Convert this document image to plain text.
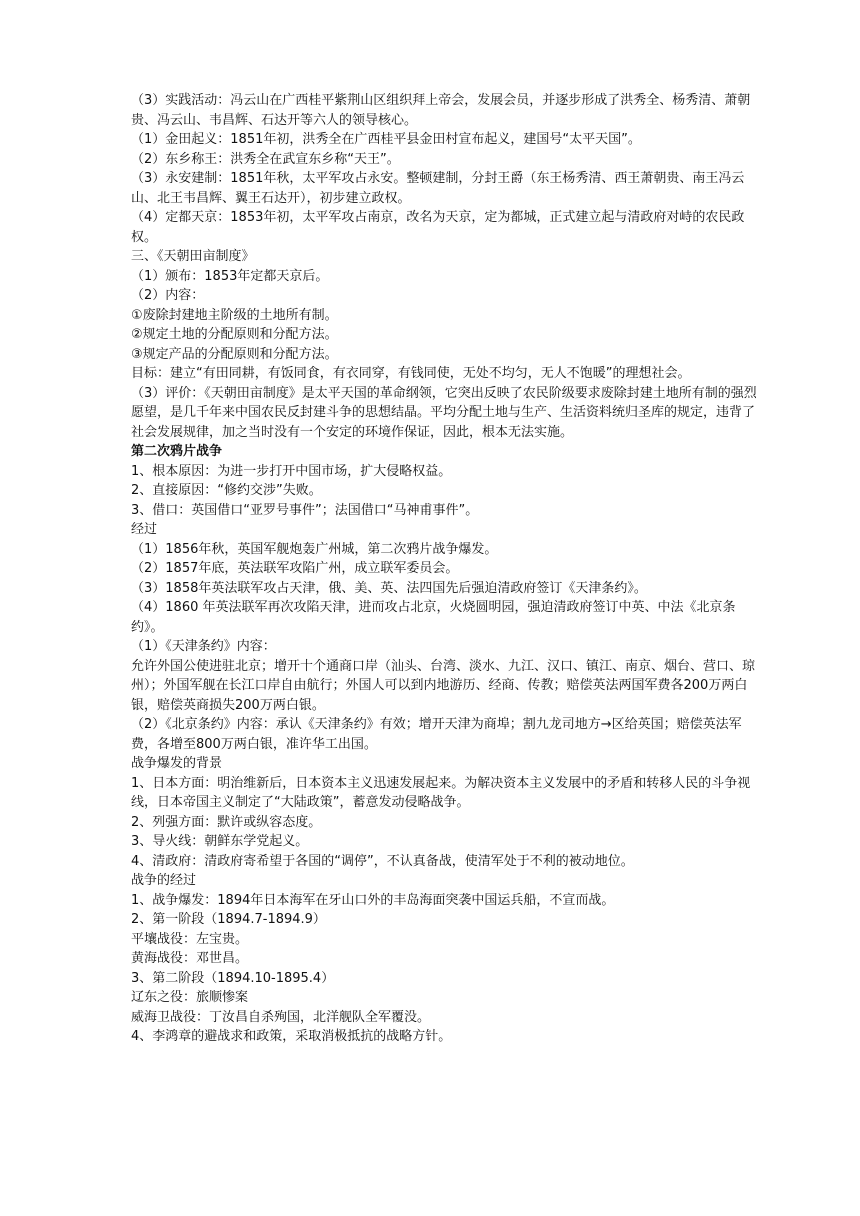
（3）实践活动：冯云山在广西桂平紫荆山区组织拜上帝会，发展会员，并逐步形成了洪秀全、杨秀清、萧朝贵、冯云山、韦昌辉、石达开等六人的领导核心。

（1）金田起义：1851年初，洪秀全在广西桂平县金田村宣布起义，建国号“太平天国”。

（2）东乡称王：洪秀全在武宣东乡称“天王”。

（3）永安建制：1851年秋，太平军攻占永安。整顿建制，分封王爵（东王杨秀清、西王萧朝贵、南王冯云山、北王韦昌辉、翼王石达开），初步建立政权。

（4）定都天京：1853年初，太平军攻占南京，改名为天京，定为都城，正式建立起与清政府对峙的农民政权。

三、《天朝田亩制度》

（1）颁布：1853年定都天京后。

（2）内容：

①废除封建地主阶级的土地所有制。

②规定土地的分配原则和分配方法。

③规定产品的分配原则和分配方法。

目标：建立“有田同耕，有饭同食，有衣同穿，有钱同使，无处不均匀，无人不饱暖”的理想社会。

（3）评价：《天朝田亩制度》是太平天国的革命纲领，它突出反映了农民阶级要求废除封建土地所有制的强烈愿望，是几千年来中国农民反封建斗争的思想结晶。平均分配土地与生产、生活资料统归圣库的规定，违背了社会发展规律，加之当时没有一个安定的环境作保证，因此，根本无法实施。

第二次鸦片战争

1、根本原因：为进一步打开中国市场，扩大侵略权益。

2、直接原因：“修约交涉”失败。

3、借口：英国借口“亚罗号事件”；法国借口“马神甫事件”。

经过

（1）1856年秋，英国军舰炮轰广州城，第二次鸦片战争爆发。

（2）1857年底，英法联军攻陷广州，成立联军委员会。

（3）1858年英法联军攻占天津，俄、美、英、法四国先后强迫清政府签订《天津条约》。

（4）1860 年英法联军再次攻陷天津，进而攻占北京，火烧圆明园，强迫清政府签订中英、中法《北京条约》。

（1）《天津条约》内容：

允许外国公使进驻北京；增开十个通商口岸（汕头、台湾、淡水、九江、汉口、镇江、南京、烟台、营口、琼州）；外国军舰在长江口岸自由航行；外国人可以到内地游历、经商、传教；赔偿英法两国军费各200万两白银，赔偿英商损失200万两白银。

（2）《北京条约》内容：承认《天津条约》有效；增开天津为商埠；割九龙司地方→区给英国；赔偿英法军费，各增至800万两白银，准许华工出国。

战争爆发的背景

1、日本方面：明治维新后，日本资本主义迅速发展起来。为解决资本主义发展中的矛盾和转移人民的斗争视线，日本帝国主义制定了“大陆政策”，蓄意发动侵略战争。

2、列强方面：默许或纵容态度。

3、导火线：朝鲜东学党起义。

4、清政府：清政府寄希望于各国的“调停”，不认真备战，使清军处于不利的被动地位。

战争的经过

1、战争爆发：1894年日本海军在牙山口外的丰岛海面突袭中国运兵船，不宣而战。

2、第一阶段（1894.7-1894.9）

平壤战役：左宝贵。

黄海战役：邓世昌。

3、第二阶段（1894.10-1895.4）

辽东之役：旅顺惨案

威海卫战役：丁汝昌自杀殉国，北洋舰队全军覆没。

4、李鸿章的避战求和政策，采取消极抵抗的战略方针。
